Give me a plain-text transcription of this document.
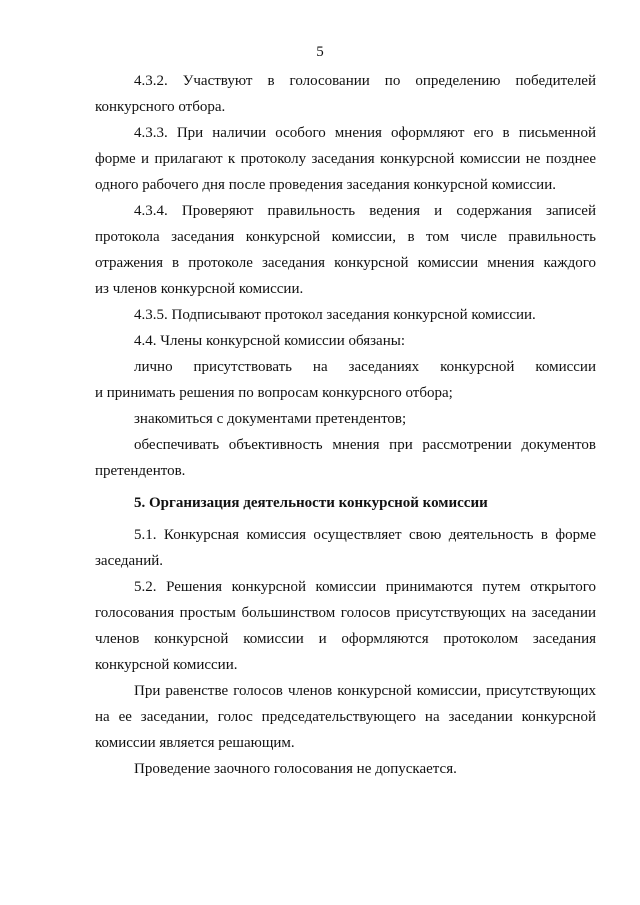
5
4.3.2. Участвуют в голосовании по определению победителей
конкурсного отбора.
4.3.3. При наличии особого мнения оформляют его в письменной
форме и прилагают к протоколу заседания конкурсной комиссии не позднее
одного рабочего дня после проведения заседания конкурсной комиссии.
4.3.4. Проверяют правильность ведения и содержания записей
протокола заседания конкурсной комиссии, в том числе правильность
отражения в протоколе заседания конкурсной комиссии мнения каждого
из членов конкурсной комиссии.
4.3.5. Подписывают протокол заседания конкурсной комиссии.
4.4. Члены конкурсной комиссии обязаны:
лично присутствовать на заседаниях конкурсной комиссии
и принимать решения по вопросам конкурсного отбора;
знакомиться с документами претендентов;
обеспечивать объективность мнения при рассмотрении документов
претендентов.
5. Организация деятельности конкурсной комиссии
5.1. Конкурсная комиссия осуществляет свою деятельность в форме
заседаний.
5.2. Решения конкурсной комиссии принимаются путем открытого
голосования простым большинством голосов присутствующих на заседании
членов конкурсной комиссии и оформляются протоколом заседания
конкурсной комиссии.
При равенстве голосов членов конкурсной комиссии, присутствующих
на ее заседании, голос председательствующего на заседании конкурсной
комиссии является решающим.
Проведение заочного голосования не допускается.
